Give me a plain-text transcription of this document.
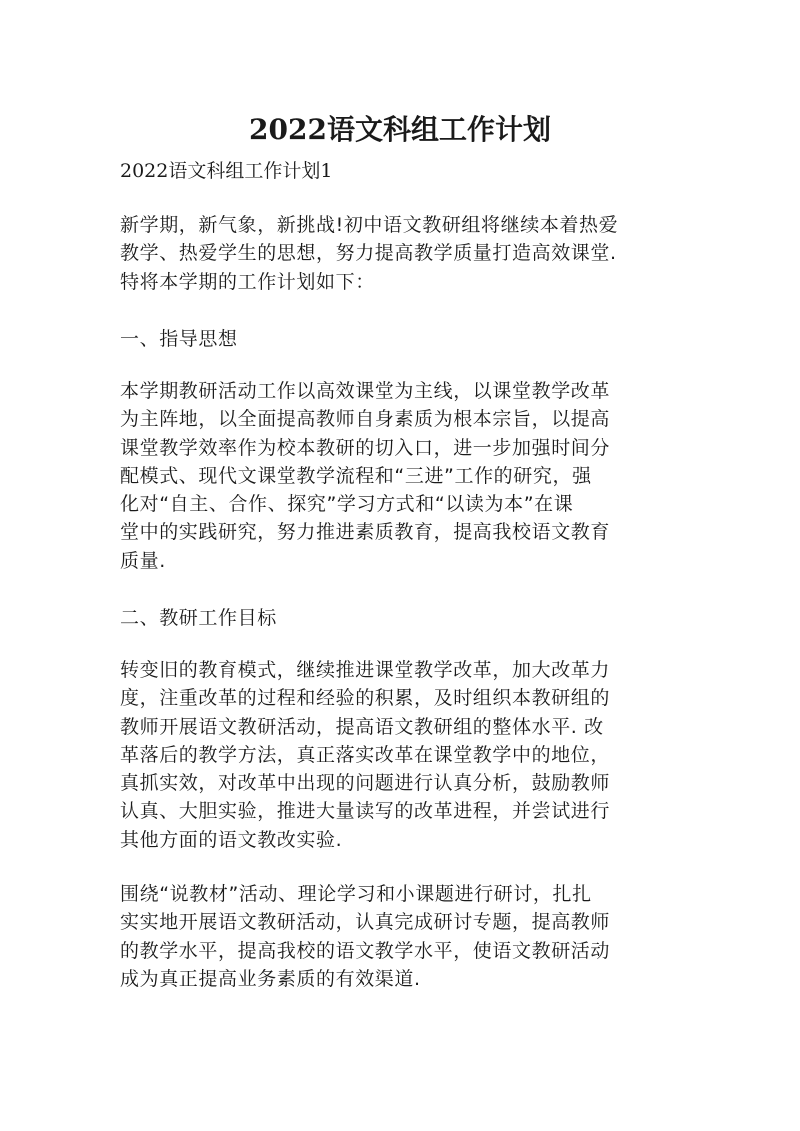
2022语文科组工作计划

2022语文科组工作计划1

新学期，新气象，新挑战!初中语文教研组将继续本着热爱
教学、热爱学生的思想，努力提高教学质量打造高效课堂.
特将本学期的工作计划如下：

一、指导思想

本学期教研活动工作以高效课堂为主线，以课堂教学改革
为主阵地，以全面提高教师自身素质为根本宗旨，以提高
课堂教学效率作为校本教研的切入口，进一步加强时间分
配模式、现代文课堂教学流程和“三进”工作的研究，强
化对“自主、合作、探究”学习方式和“以读为本”在课
堂中的实践研究，努力推进素质教育，提高我校语文教育
质量.

二、教研工作目标

转变旧的教育模式，继续推进课堂教学改革，加大改革力
度，注重改革的过程和经验的积累，及时组织本教研组的
教师开展语文教研活动，提高语文教研组的整体水平. 改
革落后的教学方法，真正落实改革在课堂教学中的地位，
真抓实效，对改革中出现的问题进行认真分析，鼓励教师
认真、大胆实验，推进大量读写的改革进程，并尝试进行
其他方面的语文教改实验.

围绕“说教材”活动、理论学习和小课题进行研讨，扎扎
实实地开展语文教研活动，认真完成研讨专题，提高教师
的教学水平，提高我校的语文教学水平，使语文教研活动
成为真正提高业务素质的有效渠道.
